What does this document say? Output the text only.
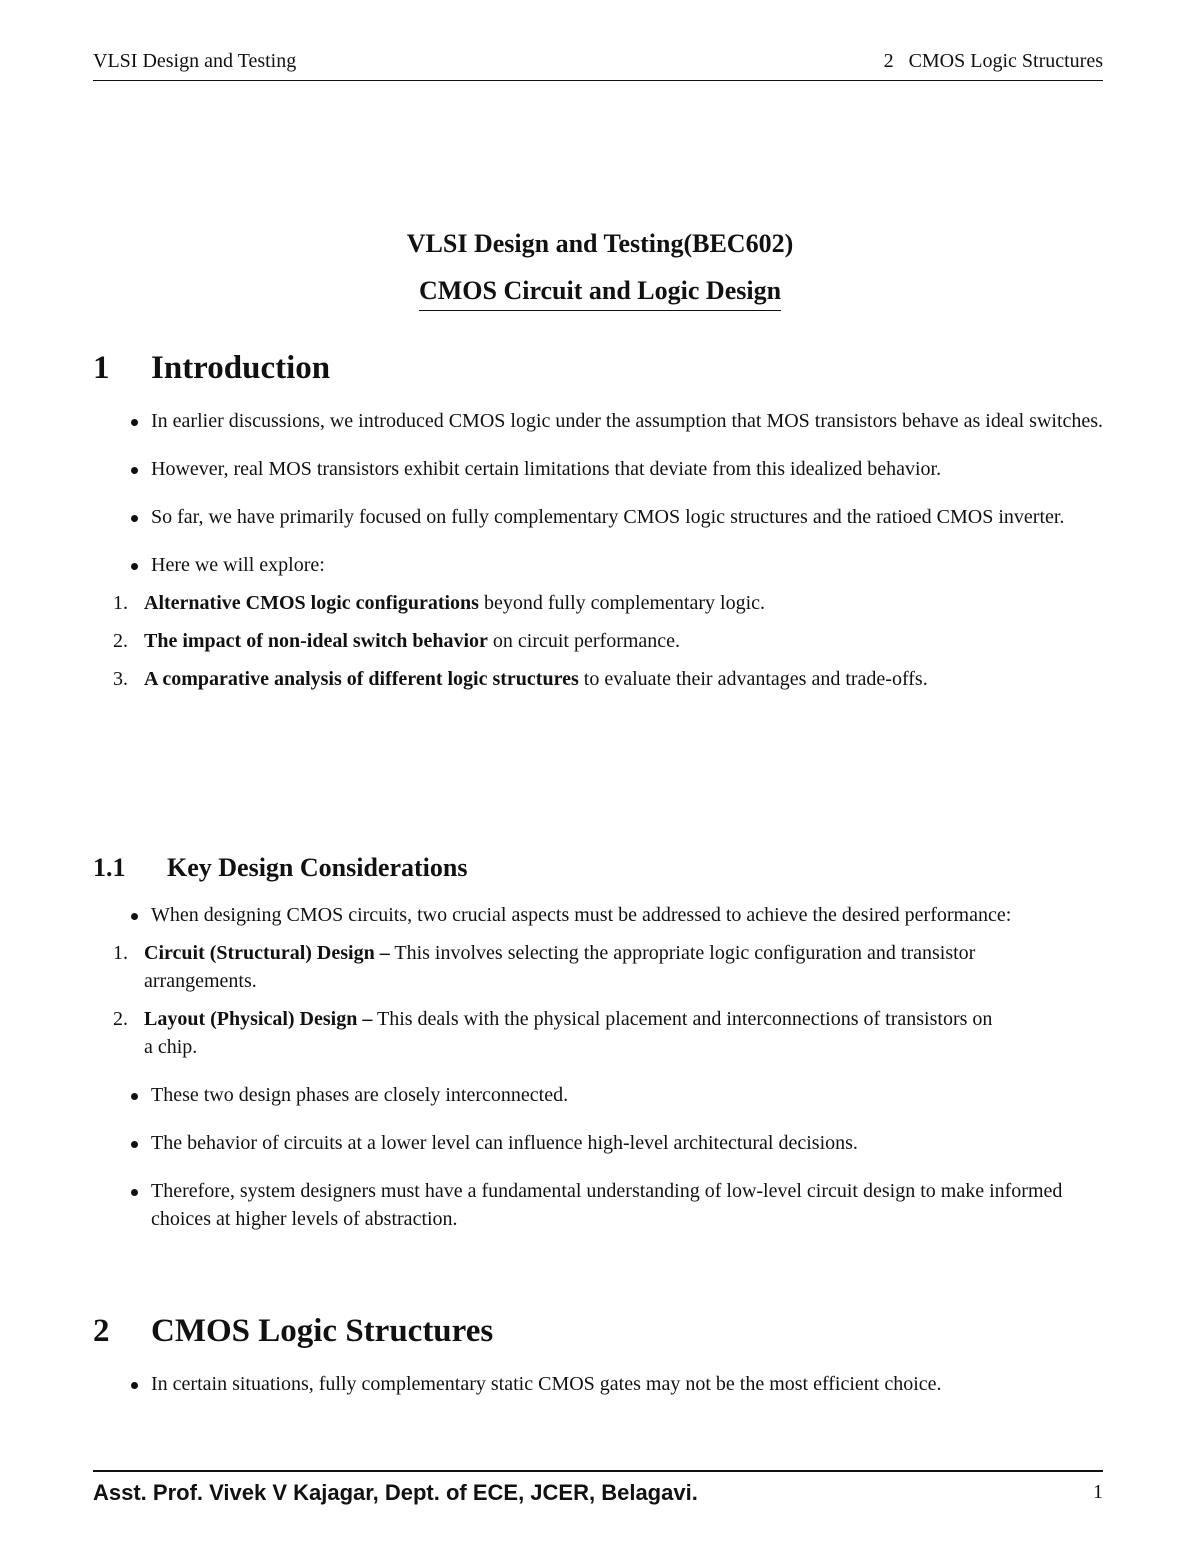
VLSI Design and Testing	2   CMOS Logic Structures
VLSI Design and Testing(BEC602)
CMOS Circuit and Logic Design
1	Introduction
In earlier discussions, we introduced CMOS logic under the assumption that MOS transistors behave as ideal switches.
However, real MOS transistors exhibit certain limitations that deviate from this idealized behavior.
So far, we have primarily focused on fully complementary CMOS logic structures and the ratioed CMOS inverter.
Here we will explore:
1. Alternative CMOS logic configurations beyond fully complementary logic.
2. The impact of non-ideal switch behavior on circuit performance.
3. A comparative analysis of different logic structures to evaluate their advantages and trade-offs.
1.1	Key Design Considerations
When designing CMOS circuits, two crucial aspects must be addressed to achieve the desired performance:
1. Circuit (Structural) Design – This involves selecting the appropriate logic configuration and transistor arrangements.
2. Layout (Physical) Design – This deals with the physical placement and interconnections of transistors on a chip.
These two design phases are closely interconnected.
The behavior of circuits at a lower level can influence high-level architectural decisions.
Therefore, system designers must have a fundamental understanding of low-level circuit design to make informed choices at higher levels of abstraction.
2	CMOS Logic Structures
In certain situations, fully complementary static CMOS gates may not be the most efficient choice.
Asst. Prof. Vivek V Kajagar, Dept. of ECE, JCER, Belagavi.	1
